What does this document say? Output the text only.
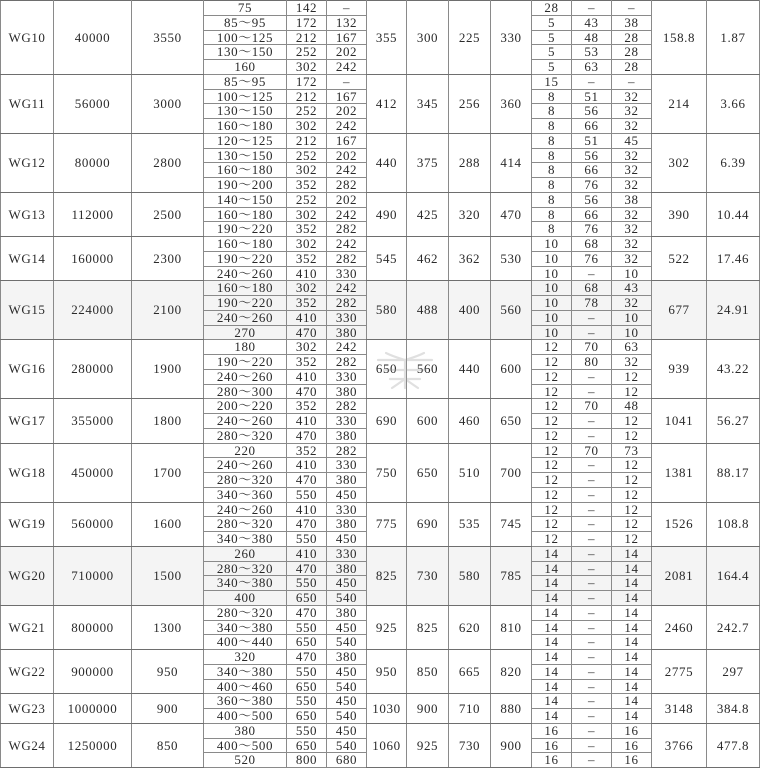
WG10	40000	3550	75	142	–	355	300	225	330	28	–	–	158.8	1.87
			85～95	172	132					5	43	38		
			100～125	212	167					5	48	28		
			130～150	252	202					5	53	28		
			160	302	242					5	63	28		
WG11	56000	3000	85～95	172	–	412	345	256	360	15	–	–	214	3.66
			100～125	212	167					8	51	32		
			130～150	252	202					8	56	32		
			160～180	302	242					8	66	32		
WG12	80000	2800	120～125	212	167	440	375	288	414	8	51	45	302	6.39
			130～150	252	202					8	56	32		
			160～180	302	242					8	66	32		
			190～200	352	282					8	76	32		
WG13	112000	2500	140～150	252	202	490	425	320	470	8	56	38	390	10.44
			160～180	302	242					8	66	32		
			190～220	352	282					8	76	32		
WG14	160000	2300	160～180	302	242	545	462	362	530	10	68	32	522	17.46
			190～220	352	282					10	76	32		
			240～260	410	330					10	–	10		
WG15	224000	2100	160～180	302	242	580	488	400	560	10	68	43	677	24.91
			190～220	352	282					10	78	32		
			240～260	410	330					10	–	10		
			270	470	380					10	–	10		
WG16	280000	1900	180	302	242	650	560	440	600	12	70	63	939	43.22
			190～220	352	282					12	80	32		
			240～260	410	330					12	–	12		
			280～300	470	380					12	–	12		
WG17	355000	1800	200～220	352	282	690	600	460	650	12	70	48	1041	56.27
			240～260	410	330					12	–	12		
			280～320	470	380					12	–	12		
WG18	450000	1700	220	352	282	750	650	510	700	12	70	73	1381	88.17
			240～260	410	330					12	–	12		
			280～320	470	380					12	–	12		
			340～360	550	450					12	–	12		
WG19	560000	1600	240～260	410	330	775	690	535	745	12	–	12	1526	108.8
			280～320	470	380					12	–	12		
			340～380	550	450					12	–	12		
WG20	710000	1500	260	410	330	825	730	580	785	14	–	14	2081	164.4
			280～320	470	380					14	–	14		
			340～380	550	450					14	–	14		
			400	650	540					14	–	14		
WG21	800000	1300	280～320	470	380	925	825	620	810	14	–	14	2460	242.7
			340～380	550	450					14	–	14		
			400～440	650	540					14	–	14		
WG22	900000	950	320	470	380	950	850	665	820	14	–	14	2775	297
			340～380	550	450					14	–	14		
			400～460	650	540					14	–	14		
WG23	1000000	900	360～380	550	450	1030	900	710	880	14	–	14	3148	384.8
			400～500	650	540					14	–	14		
WG24	1250000	850	380	550	450	1060	925	730	900	16	–	16	3766	477.8
			400～500	650	540					16	–	16		
			520	800	680					16	–	16		
